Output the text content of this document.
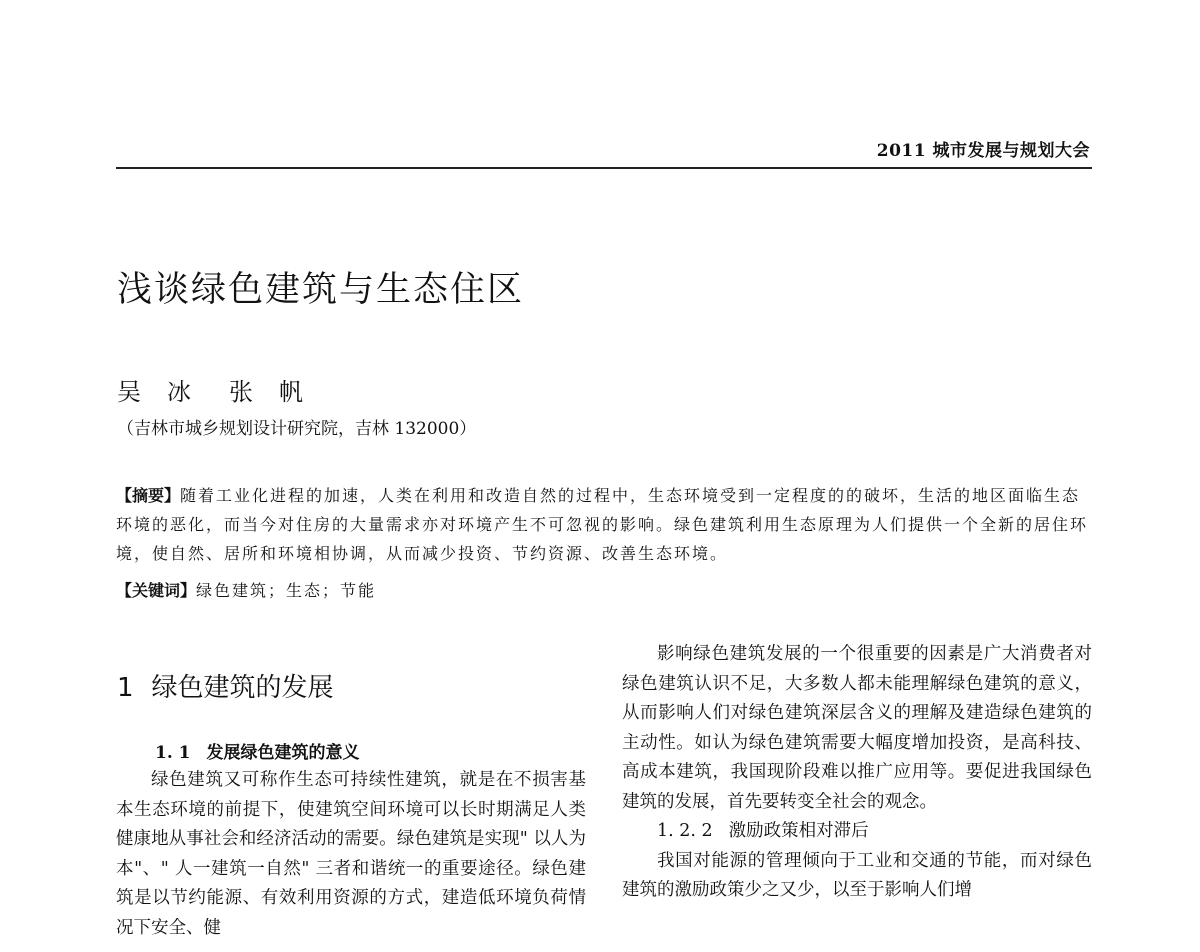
2011 城市发展与规划大会
浅谈绿色建筑与生态住区
吴 冰 张 帆
（吉林市城乡规划设计研究院，吉林 132000）
【摘要】随着工业化进程的加速，人类在利用和改造自然的过程中，生态环境受到一定程度的的破坏，生活的地区面临生态环境的恶化，而当今对住房的大量需求亦对环境产生不可忽视的影响。绿色建筑利用生态原理为人们提供一个全新的居住环境，使自然、居所和环境相协调，从而减少投资、节约资源、改善生态环境。
【关键词】绿色建筑；生态；节能
1 绿色建筑的发展
1. 1 发展绿色建筑的意义

绿色建筑又可称作生态可持续性建筑，就是在不损害基本生态环境的前提下，使建筑空间环境可以长时期满足人类健康地从事社会和经济活动的需要。绿色建筑是实现" 以人为本"、" 人一建筑一自然" 三者和谐统一的重要途径。绿色建筑是以节约能源、有效利用资源的方式，建造低环境负荷情况下安全、健

影响绿色建筑发展的一个很重要的因素是广大消费者对绿色建筑认识不足，大多数人都未能理解绿色建筑的意义，从而影响人们对绿色建筑深层含义的理解及建造绿色建筑的主动性。如认为绿色建筑需要大幅度增加投资，是高科技、高成本建筑，我国现阶段难以推广应用等。要促进我国绿色建筑的发展，首先要转变全社会的观念。

1. 2. 2 激励政策相对滞后

我国对能源的管理倾向于工业和交通的节能，而对绿色建筑的激励政策少之又少，以至于影响人们增
